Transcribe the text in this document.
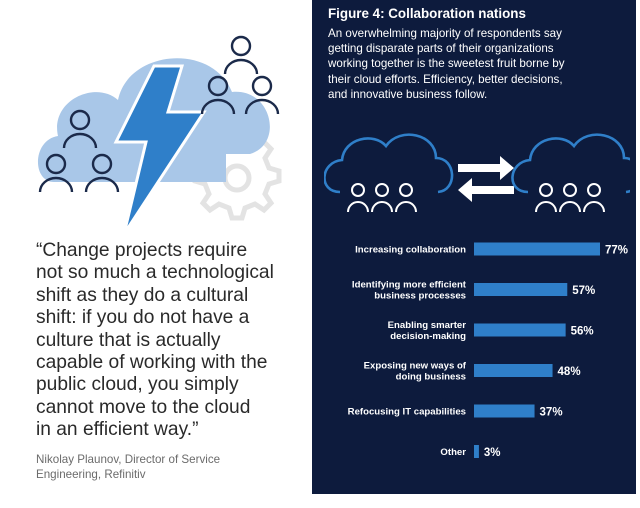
“Change projects require
not so much a technological
shift as they do a cultural
shift: if you do not have a
culture that is actually
capable of working with the
public cloud, you simply
cannot move to the cloud
in an efficient way.”

Nikolay Plaunov, Director of Service
Engineering, Refinitiv

Figure 4: Collaboration nations

An overwhelming majority of respondents say
getting disparate parts of their organizations
working together is the sweetest fruit borne by
their cloud efforts. Efficiency, better decisions,
and innovative business follow.

77%
Increasing collaboration
57%
Identifying more efficient business processes
56%
Enabling smarter decision-making
48%
Exposing new ways of doing business
37%
Refocusing IT capabilities
3%
Other
